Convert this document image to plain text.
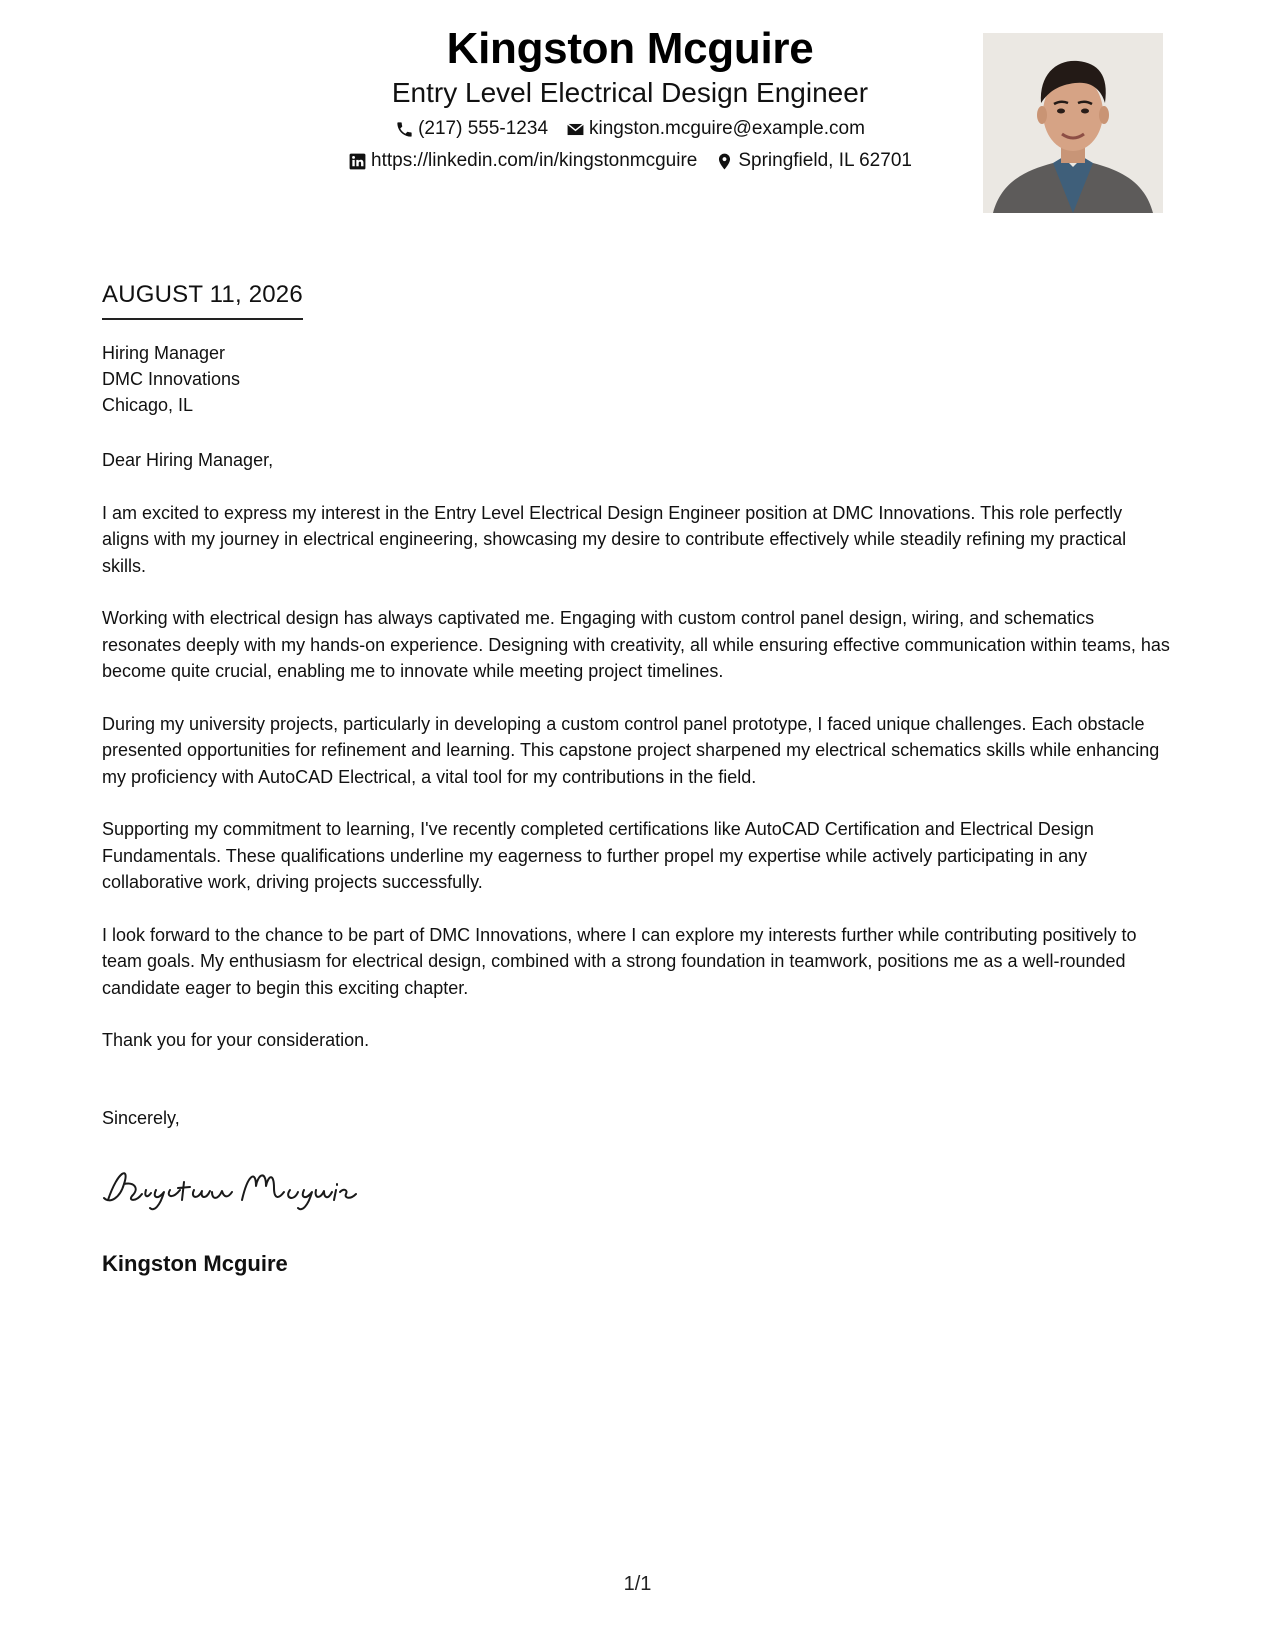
Kingston Mcguire
Entry Level Electrical Design Engineer
(217) 555-1234 kingston.mcguire@example.com
https://linkedin.com/in/kingstonmcguire Springfield, IL 62701
AUGUST 11, 2026
Hiring Manager
DMC Innovations
Chicago, IL

Dear Hiring Manager,

I am excited to express my interest in the Entry Level Electrical Design Engineer position at DMC Innovations. This role perfectly aligns with my journey in electrical engineering, showcasing my desire to contribute effectively while steadily refining my practical skills.

Working with electrical design has always captivated me. Engaging with custom control panel design, wiring, and schematics resonates deeply with my hands-on experience. Designing with creativity, all while ensuring effective communication within teams, has become quite crucial, enabling me to innovate while meeting project timelines.

During my university projects, particularly in developing a custom control panel prototype, I faced unique challenges. Each obstacle presented opportunities for refinement and learning. This capstone project sharpened my electrical schematics skills while enhancing my proficiency with AutoCAD Electrical, a vital tool for my contributions in the field.

Supporting my commitment to learning, I've recently completed certifications like AutoCAD Certification and Electrical Design Fundamentals. These qualifications underline my eagerness to further propel my expertise while actively participating in any collaborative work, driving projects successfully.

I look forward to the chance to be part of DMC Innovations, where I can explore my interests further while contributing positively to team goals. My enthusiasm for electrical design, combined with a strong foundation in teamwork, positions me as a well-rounded candidate eager to begin this exciting chapter.

Thank you for your consideration.

Sincerely,
Kingston Mcguire
1/1
